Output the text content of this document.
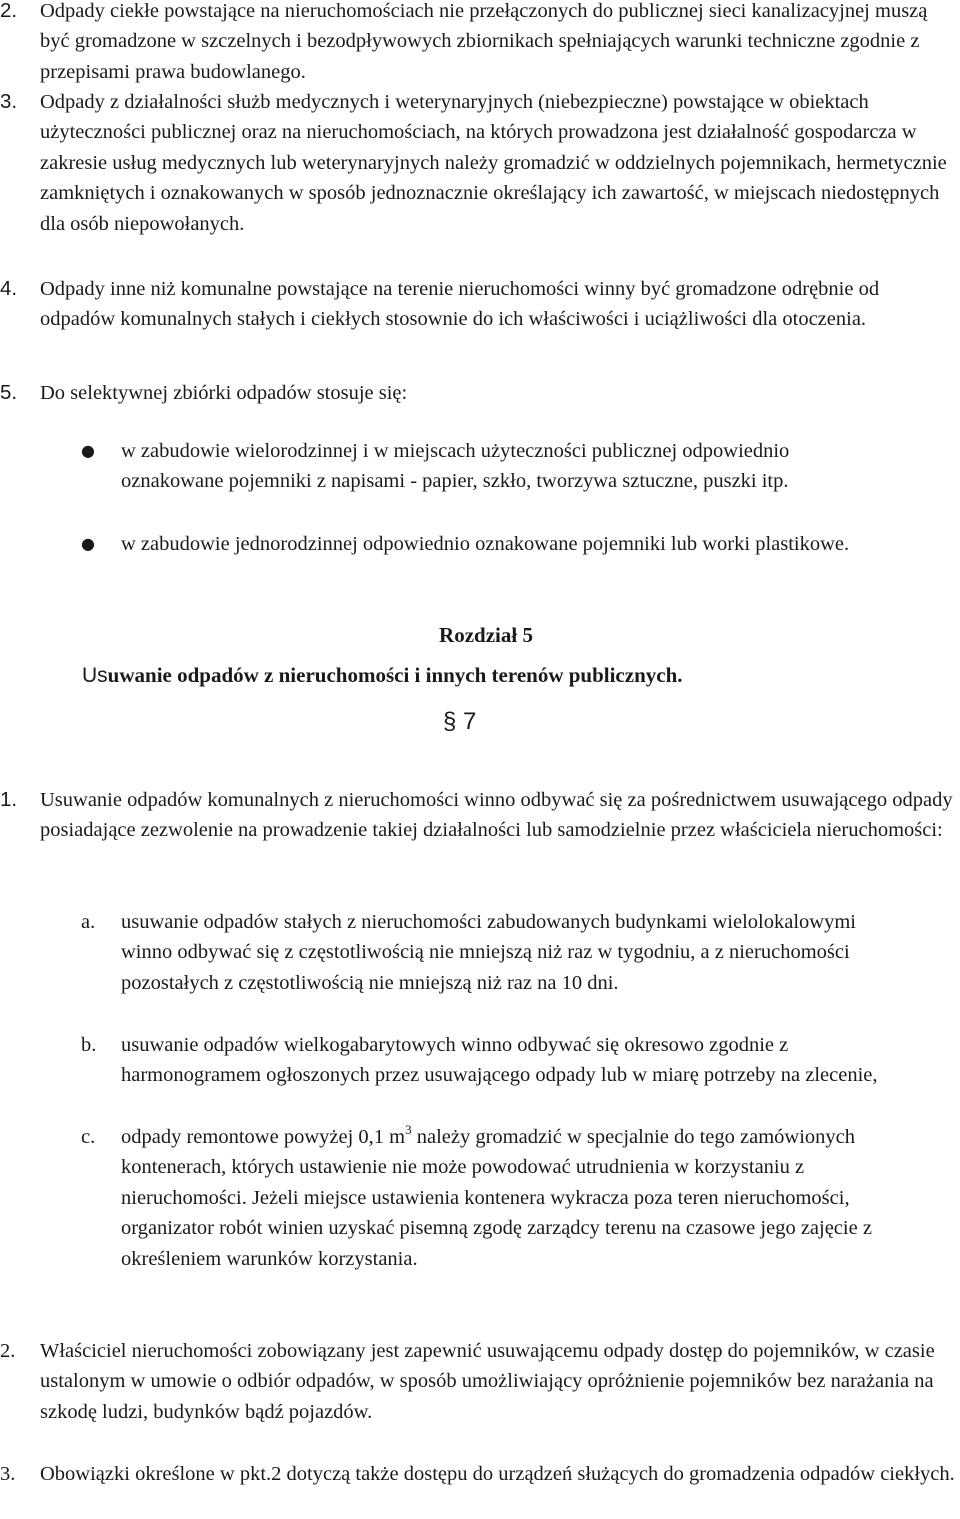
2. Odpady ciekłe powstające na nieruchomościach nie przełączonych do publicznej sieci kanalizacyjnej muszą być gromadzone w szczelnych i bezodpływowych zbiornikach spełniających warunki techniczne zgodnie z przepisami prawa budowlanego.
3. Odpady z działalności służb medycznych i weterynaryjnych (niebezpieczne) powstające w obiektach użyteczności publicznej oraz na nieruchomościach, na których prowadzona jest działalność gospodarcza w zakresie usług medycznych lub weterynaryjnych należy gromadzić w oddzielnych pojemnikach, hermetycznie zamkniętych i oznakowanych w sposób jednoznacznie określający ich zawartość, w miejscach niedostępnych dla osób niepowołanych.
4. Odpady inne niż komunalne powstające na terenie nieruchomości winny być gromadzone odrębnie od odpadów komunalnych stałych i ciekłych stosownie do ich właściwości i uciążliwości dla otoczenia.
5. Do selektywnej zbiórki odpadów stosuje się:
● w zabudowie wielorodzinnej i w miejscach użyteczności publicznej odpowiednio oznakowane pojemniki z napisami - papier, szkło, tworzywa sztuczne, puszki itp.
● w zabudowie jednorodzinnej odpowiednio oznakowane pojemniki lub worki plastikowe.
Rozdział 5
Usuwanie odpadów z nieruchomości i innych terenów publicznych.
§ 7
1. Usuwanie odpadów komunalnych z nieruchomości winno odbywać się za pośrednictwem usuwającego odpady posiadające zezwolenie na prowadzenie takiej działalności lub samodzielnie przez właściciela nieruchomości:
a. usuwanie odpadów stałych z nieruchomości zabudowanych budynkami wielolokalowymi winno odbywać się z częstotliwością nie mniejszą niż raz w tygodniu, a z nieruchomości pozostałych z częstotliwością nie mniejszą niż raz na 10 dni.
b. usuwanie odpadów wielkogabarytowych winno odbywać się okresowo zgodnie z harmonogramem ogłoszonych przez usuwającego odpady lub w miarę potrzeby na zlecenie,
c. odpady remontowe powyżej 0,1 $m^3$ należy gromadzić w specjalnie do tego zamówionych kontenerach, których ustawienie nie może powodować utrudnienia w korzystaniu z nieruchomości. Jeżeli miejsce ustawienia kontenera wykracza poza teren nieruchomości, organizator robót winien uzyskać pisemną zgodę zarządcy terenu na czasowe jego zajęcie z określeniem warunków korzystania.
2. Właściciel nieruchomości zobowiązany jest zapewnić usuwającemu odpady dostęp do pojemników, w czasie ustalonym w umowie o odbiór odpadów, w sposób umożliwiający opróżnienie pojemników bez narażania na szkodę ludzi, budynków bądź pojazdów.
3. Obowiązki określone w pkt.2 dotyczą także dostępu do urządzeń służących do gromadzenia odpadów ciekłych.
